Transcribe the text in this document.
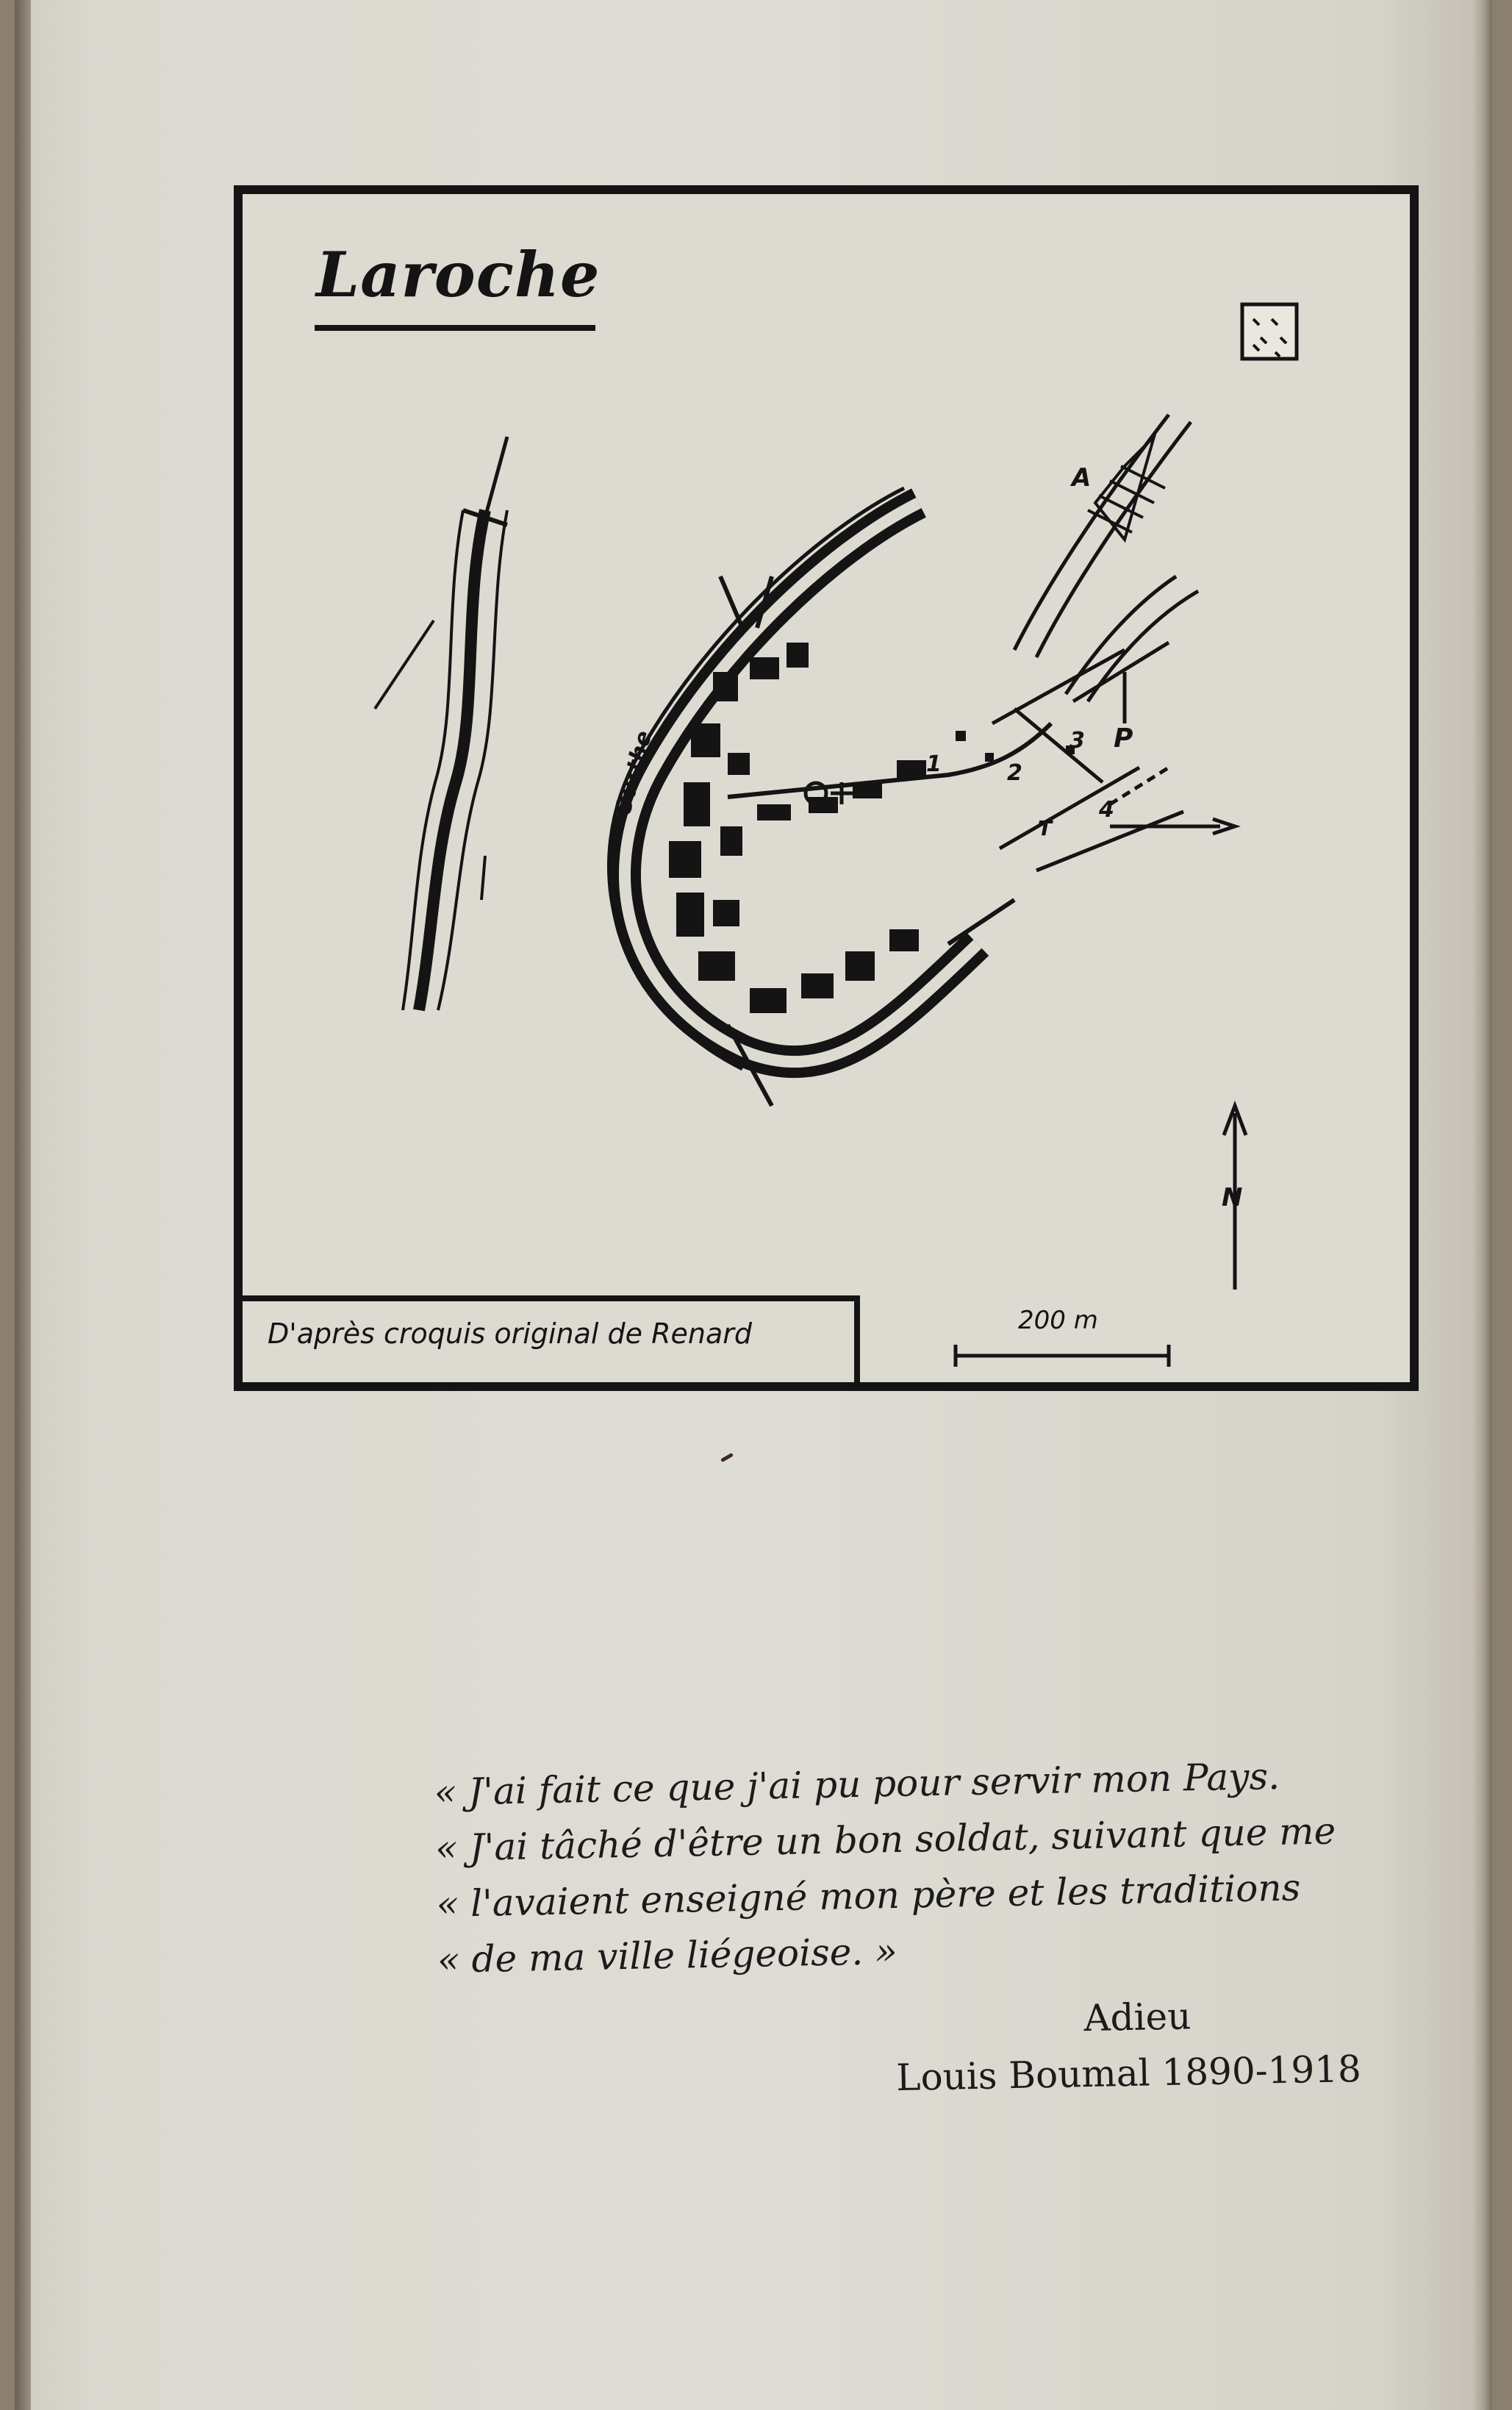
Laroche
A
1	2
3
4
T
P
Ourthe
N
D'après croquis original de Renard	200 m
« J'ai fait ce que j'ai pu pour servir mon Pays.
« J'ai tâché d'être un bon soldat, suivant que me
« l'avaient enseigné mon père et les traditions
« de ma ville liégeoise. »
Adieu
Louis Boumal 1890-1918
